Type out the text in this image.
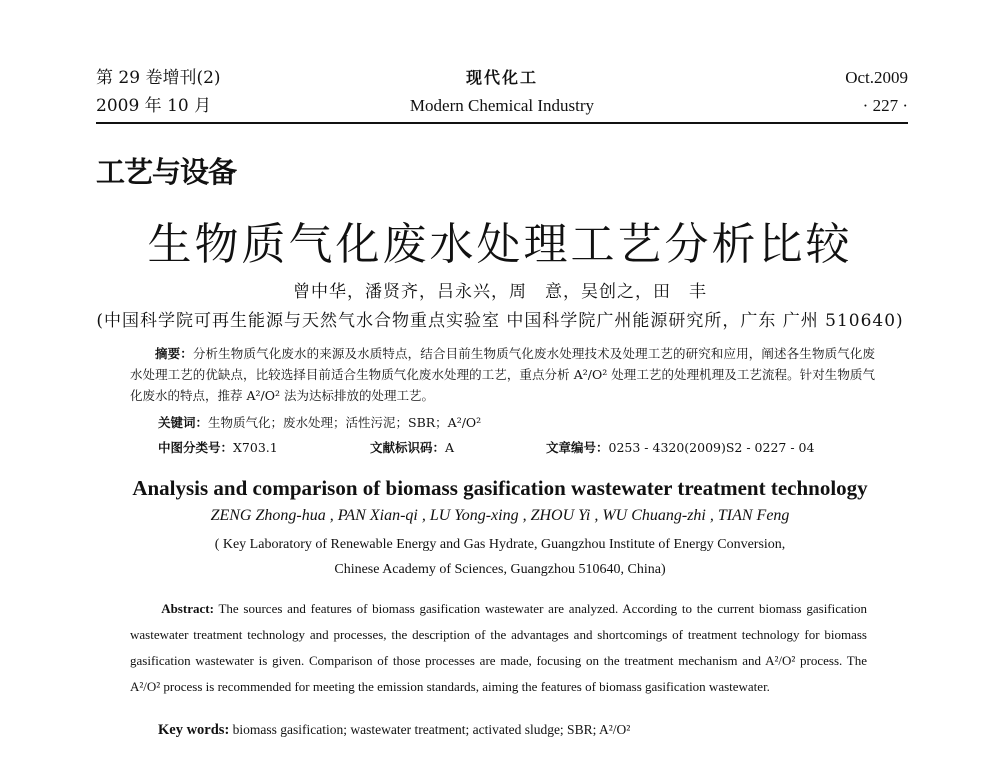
第 29 卷增刊(2)
2009 年 10 月
现代化工
Modern Chemical Industry
Oct.2009
· 227 ·
工艺与设备
生物质气化废水处理工艺分析比较
曾中华，潘贤齐，吕永兴，周　意，吴创之，田　丰
(中国科学院可再生能源与天然气水合物重点实验室 中国科学院广州能源研究所，广东 广州 510640)
摘要：分析生物质气化废水的来源及水质特点，结合目前生物质气化废水处理技术及处理工艺的研究和应用，阐述各生物质气化废水处理工艺的优缺点，比较选择目前适合生物质气化废水处理的工艺，重点分析 A²/O² 处理工艺的处理机理及工艺流程。针对生物质气化废水的特点，推荐 A²/O² 法为达标排放的处理工艺。
关键词：生物质气化；废水处理；活性污泥；SBR；A²/O²
中图分类号：X703.1	文献标识码：A	文章编号：0253 - 4320(2009)S2 - 0227 - 04
Analysis and comparison of biomass gasification wastewater treatment technology
ZENG Zhong-hua , PAN Xian-qi , LU Yong-xing , ZHOU Yi , WU Chuang-zhi , TIAN Feng
( Key Laboratory of Renewable Energy and Gas Hydrate, Guangzhou Institute of Energy Conversion,
Chinese Academy of Sciences, Guangzhou 510640, China)
Abstract: The sources and features of biomass gasification wastewater are analyzed. According to the current biomass gasification wastewater treatment technology and processes, the description of the advantages and shortcomings of treatment technology for biomass gasification wastewater is given. Comparison of those processes are made, focusing on the treatment mechanism and A²/O² process. The A²/O² process is recommended for meeting the emission standards, aiming the features of biomass gasification wastewater.
Key words: biomass gasification; wastewater treatment; activated sludge; SBR; A²/O²
